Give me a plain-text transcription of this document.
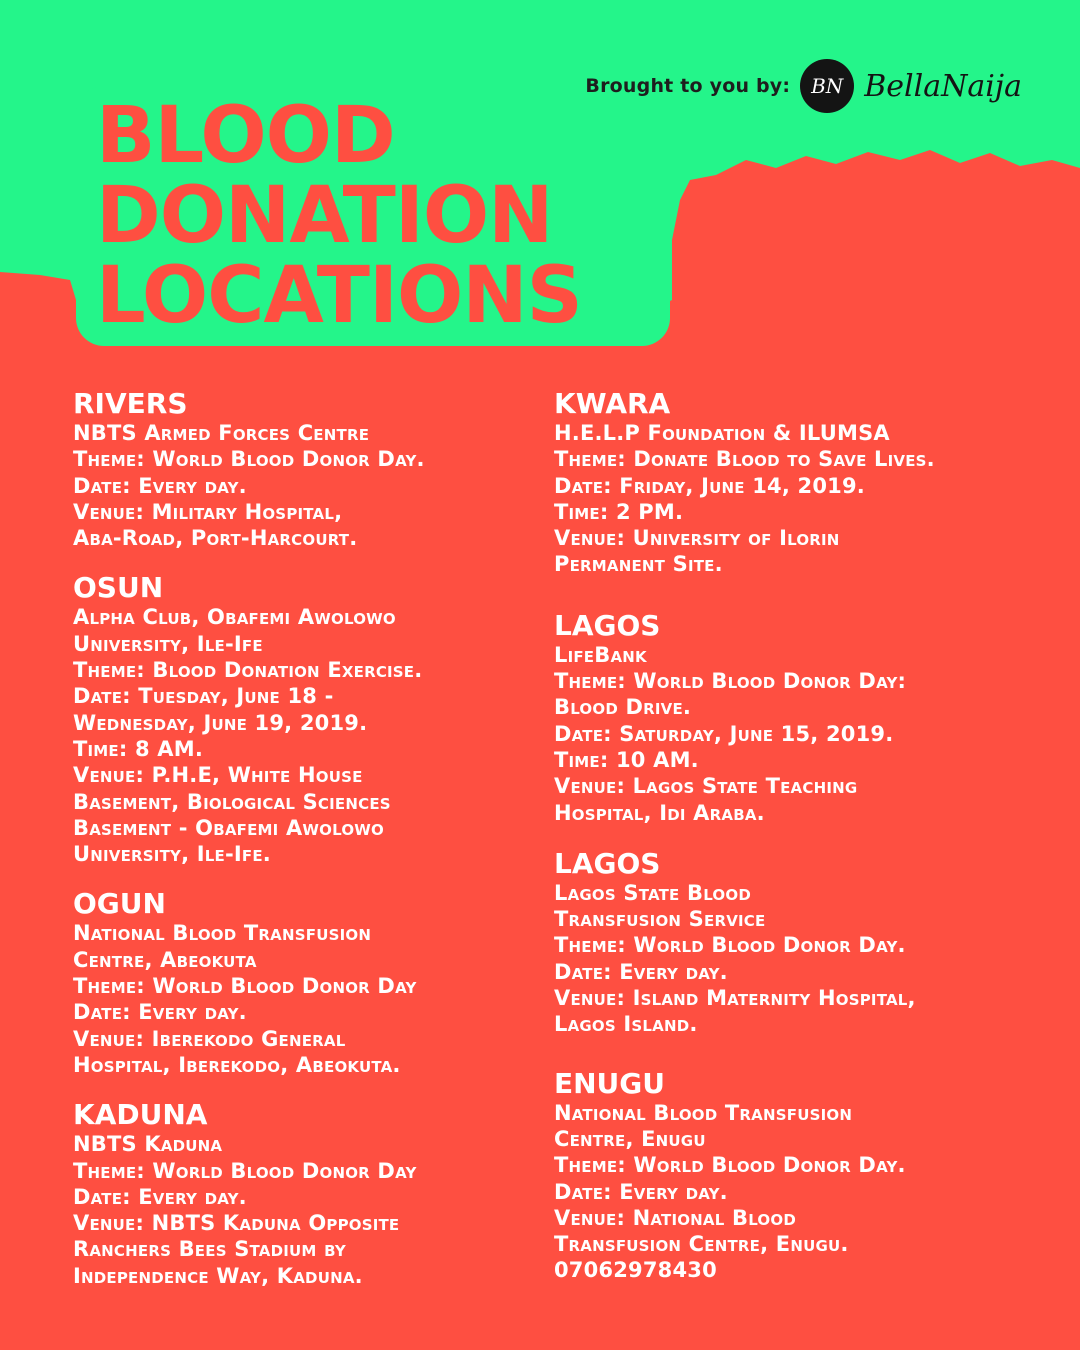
BLOOD
DONATION
LOCATIONS
Brought to you by:	BN BellaNaija
RIVERS
NBTS Armed Forces Centre
Theme: World Blood Donor Day.
Date: Every day.
Venue: Military Hospital,
Aba-Road, Port-Harcourt.
OSUN
Alpha Club, Obafemi Awolowo
University, Ile-Ife
Theme: Blood Donation Exercise.
Date: Tuesday, June 18 -
Wednesday, June 19, 2019.
Time: 8 AM.
Venue: P.H.E, White House
Basement, Biological Sciences
Basement - Obafemi Awolowo
University, Ile-Ife.
OGUN
National Blood Transfusion
Centre, Abeokuta
Theme: World Blood Donor Day
Date: Every day.
Venue: Iberekodo General
Hospital, Iberekodo, Abeokuta.
KADUNA
NBTS Kaduna
Theme: World Blood Donor Day
Date: Every day.
Venue: NBTS Kaduna Opposite
Ranchers Bees Stadium by
Independence Way, Kaduna.
KWARA
H.E.L.P Foundation & ILUMSA
Theme: Donate Blood to Save Lives.
Date: Friday, June 14, 2019.
Time: 2 PM.
Venue: University of Ilorin
Permanent Site.
LAGOS
LifeBank
Theme: World Blood Donor Day:
Blood Drive.
Date: Saturday, June 15, 2019.
Time: 10 AM.
Venue: Lagos State Teaching
Hospital, Idi Araba.
LAGOS
Lagos State Blood
Transfusion Service
Theme: World Blood Donor Day.
Date: Every day.
Venue: Island Maternity Hospital,
Lagos Island.
ENUGU
National Blood Transfusion
Centre, Enugu
Theme: World Blood Donor Day.
Date: Every day.
Venue: National Blood
Transfusion Centre, Enugu.
07062978430
